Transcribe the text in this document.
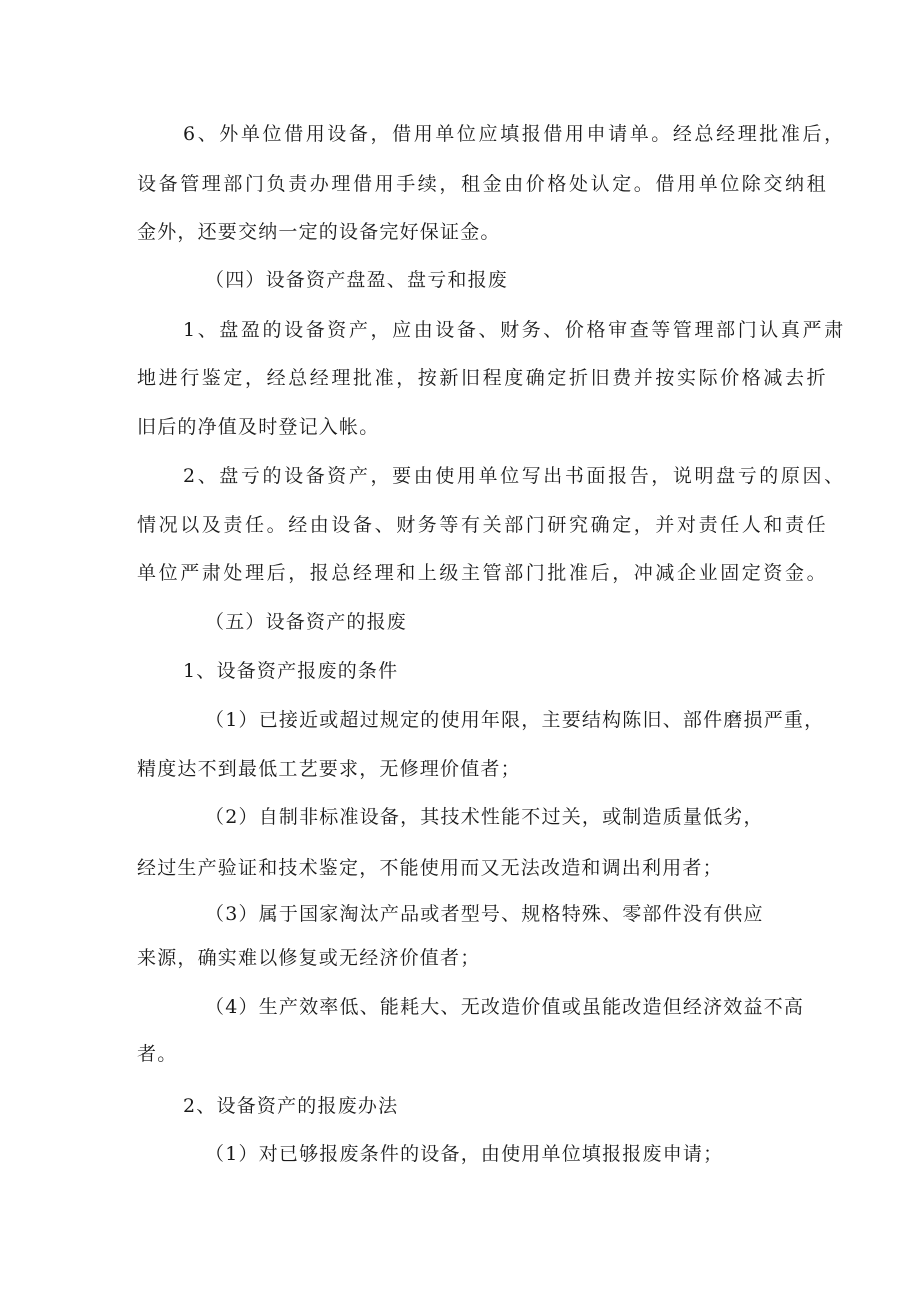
6、外单位借用设备，借用单位应填报借用申请单。经总经理批准后，
设备管理部门负责办理借用手续，租金由价格处认定。借用单位除交纳租
金外，还要交纳一定的设备完好保证金。
（四）设备资产盘盈、盘亏和报废
1、盘盈的设备资产，应由设备、财务、价格审查等管理部门认真严肃
地进行鉴定，经总经理批准，按新旧程度确定折旧费并按实际价格减去折
旧后的净值及时登记入帐。
2、盘亏的设备资产，要由使用单位写出书面报告，说明盘亏的原因、
情况以及责任。经由设备、财务等有关部门研究确定，并对责任人和责任
单位严肃处理后，报总经理和上级主管部门批准后，冲减企业固定资金。
（五）设备资产的报废
1、设备资产报废的条件
（1）已接近或超过规定的使用年限，主要结构陈旧、部件磨损严重，
精度达不到最低工艺要求，无修理价值者；
（2）自制非标准设备，其技术性能不过关，或制造质量低劣，
经过生产验证和技术鉴定，不能使用而又无法改造和调出利用者；
（3）属于国家淘汰产品或者型号、规格特殊、零部件没有供应
来源，确实难以修复或无经济价值者；
（4）生产效率低、能耗大、无改造价值或虽能改造但经济效益不高
者。
2、设备资产的报废办法
（1）对已够报废条件的设备，由使用单位填报报废申请；
